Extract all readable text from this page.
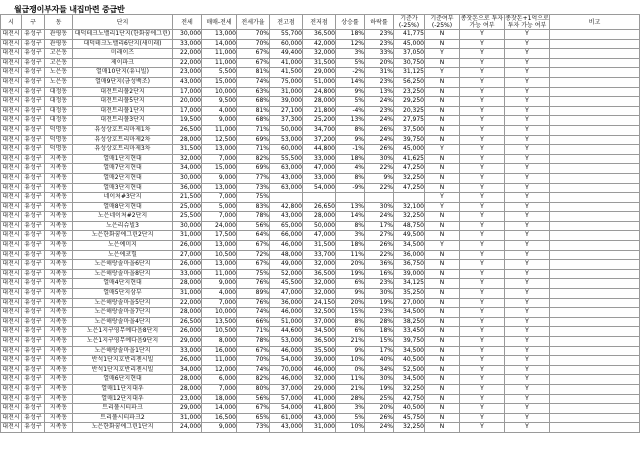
월급쟁이부자들 내집마련 중급반
시	구	동	단지	전세	매매-전세	전세가율	전고점	전저점	상승률	하락률	기준가 (-25%)	기준여부 (-25%)	종잣돈으로 투자 가능 여부	종잣돈+1억으로 투자 가능 여부	비고
대전시	유성구	관평동	대덕테크노밸리1단지(한화꿈에그린)	30,000	13,000	70%	55,700	36,500	18%	23%	41,775	N	Y	Y	
대전시	유성구	관평동	대덕테크노밸리6단지(새미래)	33,000	14,000	70%	60,000	42,000	12%	23%	45,000	N	Y	Y	
대전시	유성구	고은동	미래이즈	22,000	11,000	67%	49,400	32,000	3%	33%	37,050	Y	Y	Y	
대전시	유성구	고은동	제이파크	22,000	11,000	67%	41,000	31,500	5%	20%	30,750	N	Y	Y	
대전시	유성구	노은동	열매10단지(유니빌)	23,000	5,500	81%	41,500	29,000	-2%	31%	31,125	Y	Y	Y	
대전시	유성구	노은동	열매9단지(금성백조)	43,000	15,000	74%	75,000	51,000	14%	23%	56,250	N	Y	Y	
대전시	유성구	대정동	대전트리풀2단지	17,000	10,000	63%	31,000	24,800	9%	13%	23,250	N	Y	Y	
대전시	유성구	대정동	대전트리풀5단지	20,000	9,500	68%	39,000	28,000	5%	24%	29,250	N	Y	Y	
대전시	유성구	대정동	대전트리풀1단지	17,000	4,000	81%	27,100	21,800	-4%	23%	20,325	N	Y	Y	
대전시	유성구	대정동	대전트리풀3단지	19,500	9,000	68%	37,300	25,200	13%	24%	27,975	N	Y	Y	
대전시	유성구	덕명동	유성상호트리마제1차	26,500	11,000	71%	50,000	34,700	8%	26%	37,500	N	Y	Y	
대전시	유성구	덕명동	유성상호트리마제2차	28,000	12,500	69%	53,000	37,200	9%	24%	39,750	N	Y	Y	
대전시	유성구	덕명동	유성상호트리마제3차	31,500	13,000	71%	60,000	44,800	-1%	26%	45,000	Y	Y	Y	
대전시	유성구	지족동	열매1단지현대	32,000	7,000	82%	55,500	33,000	18%	30%	41,625	N	Y	Y	
대전시	유성구	지족동	열매7단지현대	34,000	15,000	69%	63,000	47,000	4%	22%	47,250	N	Y	Y	
대전시	유성구	지족동	열매2단지현대	30,000	9,000	77%	43,000	33,000	8%	9%	32,250	N	Y	Y	
대전시	유성구	지족동	열매3단지현대	36,000	13,000	73%	63,000	54,000	-9%	22%	47,250	N	Y	Y	
대전시	유성구	지족동	네이처#3단지	21,500	7,000	75%						Y	Y	Y	
대전시	유성구	지족동	열매8단지현대	25,000	5,000	83%	42,800	26,650	13%	30%	32,100	Y	Y	Y	
대전시	유성구	지족동	노은네이처#2단지	25,500	7,000	78%	43,000	28,000	14%	24%	32,250	N	Y	Y	
대전시	유성구	지족동	노은리슈빌3	30,000	24,000	56%	65,000	50,000	8%	17%	48,750	N	Y	Y	
대전시	유성구	지족동	노은한화꿈에그린2단지	31,000	17,500	64%	66,000	47,000	3%	27%	49,500	N	Y	Y	
대전시	유성구	지족동	노은예미지	26,000	13,000	67%	46,000	31,500	18%	26%	34,500	Y	Y	Y	
대전시	유성구	지족동	노은에코힐	27,000	10,500	72%	48,000	33,700	11%	22%	36,000	N	Y	Y	
대전시	유성구	지족동	노은해랑솔마을6단지	26,000	13,000	67%	49,000	32,000	20%	36%	36,750	N	Y	Y	
대전시	유성구	지족동	노은해랑솔마을8단지	33,000	11,000	75%	52,000	36,500	19%	16%	39,000	N	Y	Y	
대전시	유성구	지족동	열매4단지현대	28,000	9,000	76%	45,500	32,000	6%	23%	34,125	N	Y	Y	
대전시	유성구	지족동	열매5단지삼부	31,000	4,000	89%	47,000	32,000	9%	30%	35,250	N	Y	Y	
대전시	유성구	지족동	노은해랑솔마을5단지	22,000	7,000	76%	36,000	24,150	20%	19%	27,000	N	Y	Y	
대전시	유성구	지족동	노은해랑솔마을7단지	28,000	10,000	74%	46,000	32,500	15%	23%	34,500	N	Y	Y	
대전시	유성구	지족동	노은해랑솔마을4단지	26,500	13,500	66%	51,000	37,000	8%	28%	38,250	N	Y	Y	
대전시	유성구	지족동	노은1지구영무예다음8단지	26,000	10,500	71%	44,600	34,500	6%	18%	33,450	N	Y	Y	
대전시	유성구	지족동	노은1지구영무예다음9단지	29,000	8,000	78%	53,000	36,500	21%	15%	39,750	N	Y	Y	
대전시	유성구	지족동	노은해랑솔마을1단지	33,000	16,000	67%	46,000	35,500	9%	17%	34,500	N	Y	Y	
대전시	유성구	지족동	반석1단지호반리젠시빌	26,000	11,000	70%	54,000	39,000	10%	40%	40,500	N	Y	Y	
대전시	유성구	지족동	반석1단지호반리젠시빌	34,000	12,000	74%	70,000	46,000	0%	34%	52,500	N	Y	Y	
대전시	유성구	지족동	열매6단지현대	28,000	6,000	82%	46,000	32,000	11%	30%	34,500	N	Y	Y	
대전시	유성구	지족동	열매11단지대우	28,000	7,000	80%	37,000	29,000	21%	19%	32,250	N	Y	Y	
대전시	유성구	지족동	열매12단지대우	23,000	18,000	56%	57,000	41,000	28%	25%	42,750	N	Y	Y	
대전시	유성구	지족동	트리풀시티파크	29,000	14,000	67%	54,000	41,800	3%	20%	40,500	N	Y	Y	
대전시	유성구	지족동	트리풀시티파크2	31,000	16,500	65%	61,000	43,000	5%	26%	45,750	N	Y	Y	
대전시	유성구	지족동	노은한화꿈에그린1단지	24,000	9,000	73%	43,000	31,000	10%	24%	32,250	N	Y	Y	
